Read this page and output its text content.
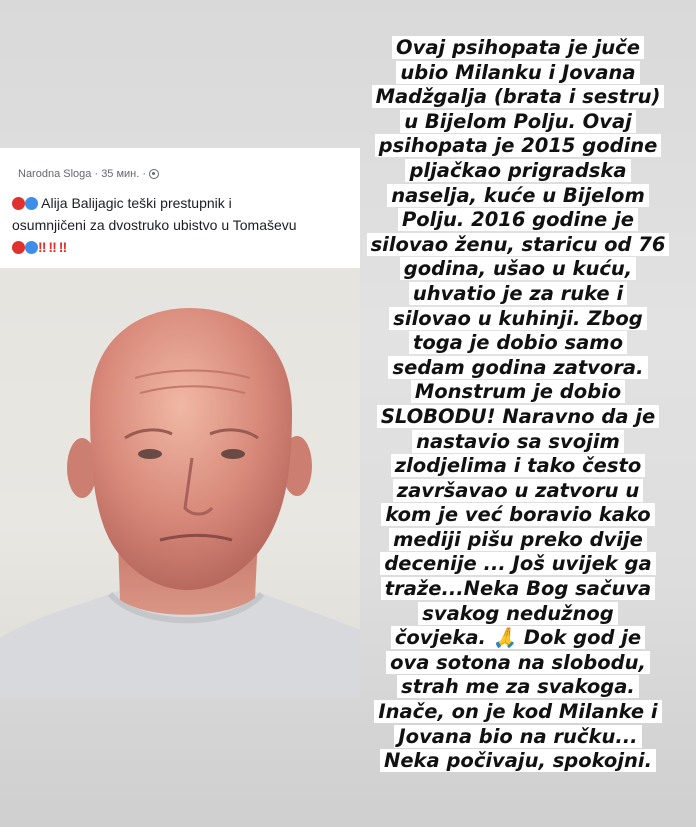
Narodna Sloga · 35 мин. ·
Alija Balijagic teški prestupnik i
osumnjičeni za dvostruko ubistvo u Tomaševu
‼ ‼ ‼
Ovaj psihopata je juče
ubio Milanku i Jovana
Madžgalja (brata i sestru)
u Bijelom Polju. Ovaj
psihopata je 2015 godine
pljačkao prigradska
naselja, kuće u Bijelom
Polju. 2016 godine je
silovao ženu, staricu od 76
godina, ušao u kuću,
uhvatio je za ruke i
silovao u kuhinji. Zbog
toga je dobio samo
sedam godina zatvora.
Monstrum je dobio
SLOBODU! Naravno da je
nastavio sa svojim
zlodjelima i tako često
završavao u zatvoru u
kom je već boravio kako
mediji pišu preko dvije
decenije ... Još uvijek ga
traže...Neka Bog sačuva
svakog nedužnog
čovjeka. 🙏 Dok god je
ova sotona na slobodu,
strah me za svakoga.
Inače, on je kod Milanke i
Jovana bio na ručku...
Neka počivaju, spokojni.
